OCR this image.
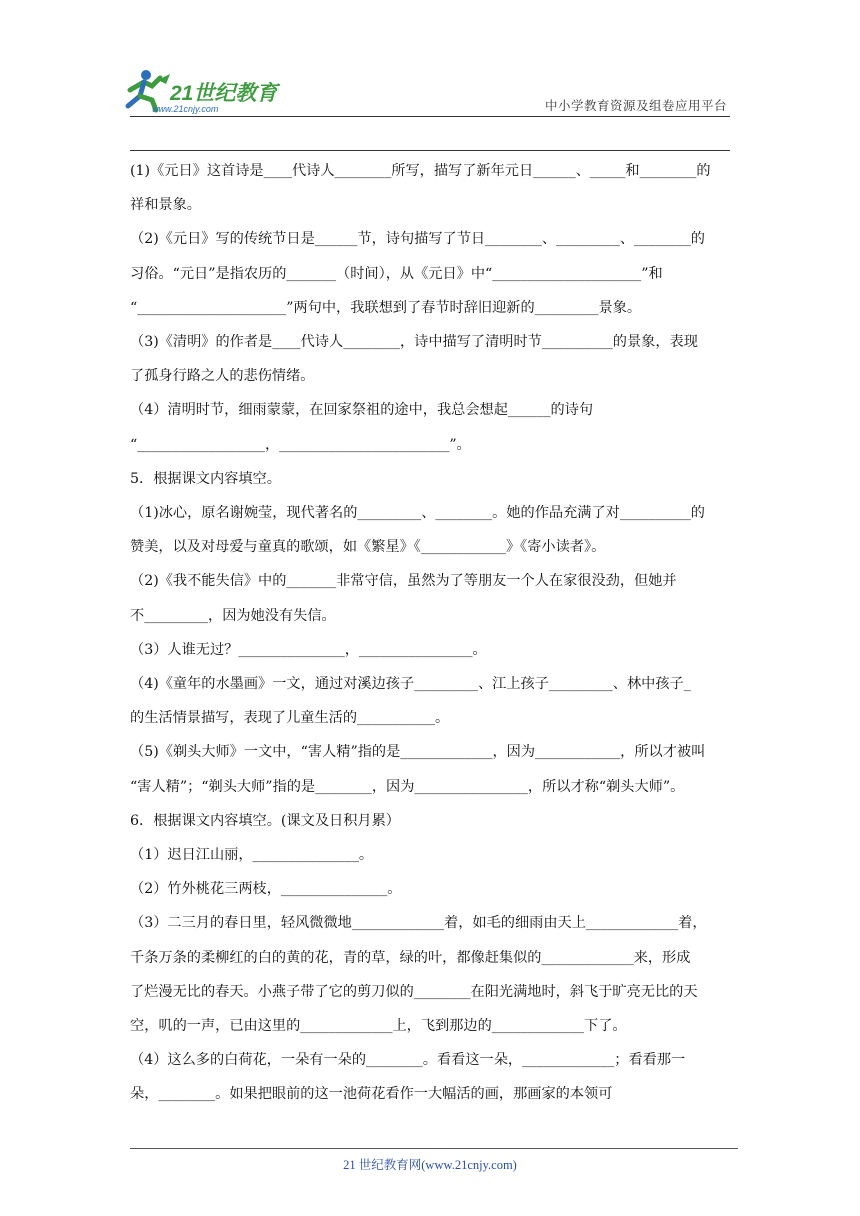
21世纪教育
www.21cnjy.com	中小学教育资源及组卷应用平台
(1)《元日》这首诗是____代诗人________所写，描写了新年元日______、_____和________的
祥和景象。
（2)《元日》写的传统节日是______节，诗句描写了节日________、_________、________的
习俗。“元日”是指农历的_______（时间），从《元日》中“_____________________”和
“_____________________”两句中，我联想到了春节时辞旧迎新的_________景象。
（3)《清明》的作者是____代诗人________，诗中描写了清明时节__________的景象，表现
了孤身行路之人的悲伤情绪。
（4）清明时节，细雨蒙蒙，在回家祭祖的途中，我总会想起______的诗句
“__________________，________________________”。
5．根据课文内容填空。
（1)冰心，原名谢婉莹，现代著名的_________、________。她的作品充满了对__________的
赞美，以及对母爱与童真的歌颂，如《繁星》《____________》《寄小读者》。
（2)《我不能失信》中的_______非常守信，虽然为了等朋友一个人在家很没劲，但她并
不_________，因为她没有失信。
（3）人谁无过？_______________，________________。
（4)《童年的水墨画》一文，通过对溪边孩子_________、江上孩子_________、林中孩子_
的生活情景描写，表现了儿童生活的___________。
（5)《剃头大师》一文中，“害人精”指的是_____________，因为____________，所以才被叫
“害人精”；“剃头大师”指的是________，因为________________，所以才称“剃头大师”。
6．根据课文内容填空。(课文及日积月累）
（1）迟日江山丽，_______________。
（2）竹外桃花三两枝，_______________。
（3）二三月的春日里，轻风微微地_____________着，如毛的细雨由天上_____________着，
千条万条的柔柳红的白的黄的花，青的草，绿的叶，都像赶集似的_____________来，形成
了烂漫无比的春天。小燕子带了它的剪刀似的________在阳光满地时，斜飞于旷亮无比的天
空，叽的一声，已由这里的_____________上，飞到那边的_____________下了。
（4）这么多的白荷花，一朵有一朵的________。看看这一朵，_____________；看看那一
朵，________。如果把眼前的这一池荷花看作一大幅活的画，那画家的本领可
21 世纪教育网(www.21cnjy.com)
